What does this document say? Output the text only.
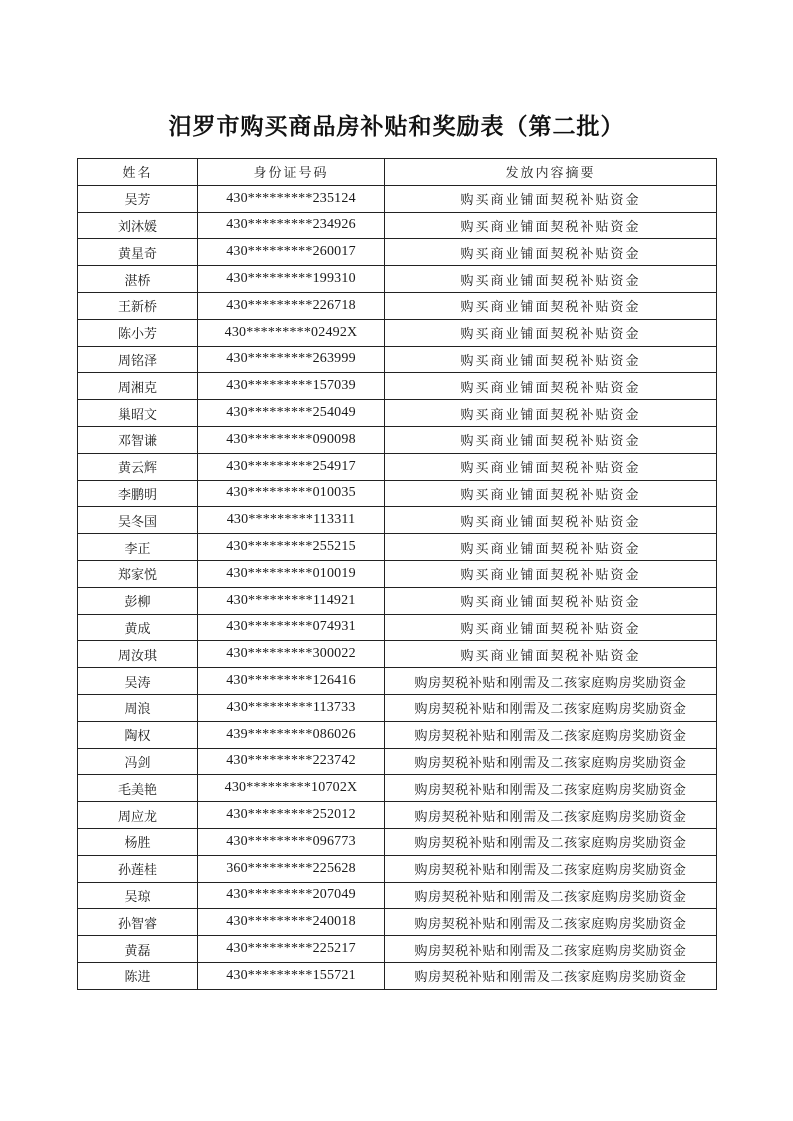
汨罗市购买商品房补贴和奖励表（第二批）
姓名	身份证号码	发放内容摘要
吴芳	430*********235124	购买商业铺面契税补贴资金
刘沐媛	430*********234926	购买商业铺面契税补贴资金
黄星奇	430*********260017	购买商业铺面契税补贴资金
湛桥	430*********199310	购买商业铺面契税补贴资金
王新桥	430*********226718	购买商业铺面契税补贴资金
陈小芳	430*********02492X	购买商业铺面契税补贴资金
周铭泽	430*********263999	购买商业铺面契税补贴资金
周湘克	430*********157039	购买商业铺面契税补贴资金
巢昭文	430*********254049	购买商业铺面契税补贴资金
邓智谦	430*********090098	购买商业铺面契税补贴资金
黄云辉	430*********254917	购买商业铺面契税补贴资金
李鹏明	430*********010035	购买商业铺面契税补贴资金
吴冬国	430*********113311	购买商业铺面契税补贴资金
李正	430*********255215	购买商业铺面契税补贴资金
郑家悦	430*********010019	购买商业铺面契税补贴资金
彭柳	430*********114921	购买商业铺面契税补贴资金
黄成	430*********074931	购买商业铺面契税补贴资金
周汝琪	430*********300022	购买商业铺面契税补贴资金
吴涛	430*********126416	购房契税补贴和刚需及二孩家庭购房奖励资金
周浪	430*********113733	购房契税补贴和刚需及二孩家庭购房奖励资金
陶权	439*********086026	购房契税补贴和刚需及二孩家庭购房奖励资金
冯剑	430*********223742	购房契税补贴和刚需及二孩家庭购房奖励资金
毛美艳	430*********10702X	购房契税补贴和刚需及二孩家庭购房奖励资金
周应龙	430*********252012	购房契税补贴和刚需及二孩家庭购房奖励资金
杨胜	430*********096773	购房契税补贴和刚需及二孩家庭购房奖励资金
孙莲桂	360*********225628	购房契税补贴和刚需及二孩家庭购房奖励资金
吴琼	430*********207049	购房契税补贴和刚需及二孩家庭购房奖励资金
孙智睿	430*********240018	购房契税补贴和刚需及二孩家庭购房奖励资金
黄磊	430*********225217	购房契税补贴和刚需及二孩家庭购房奖励资金
陈进	430*********155721	购房契税补贴和刚需及二孩家庭购房奖励资金
